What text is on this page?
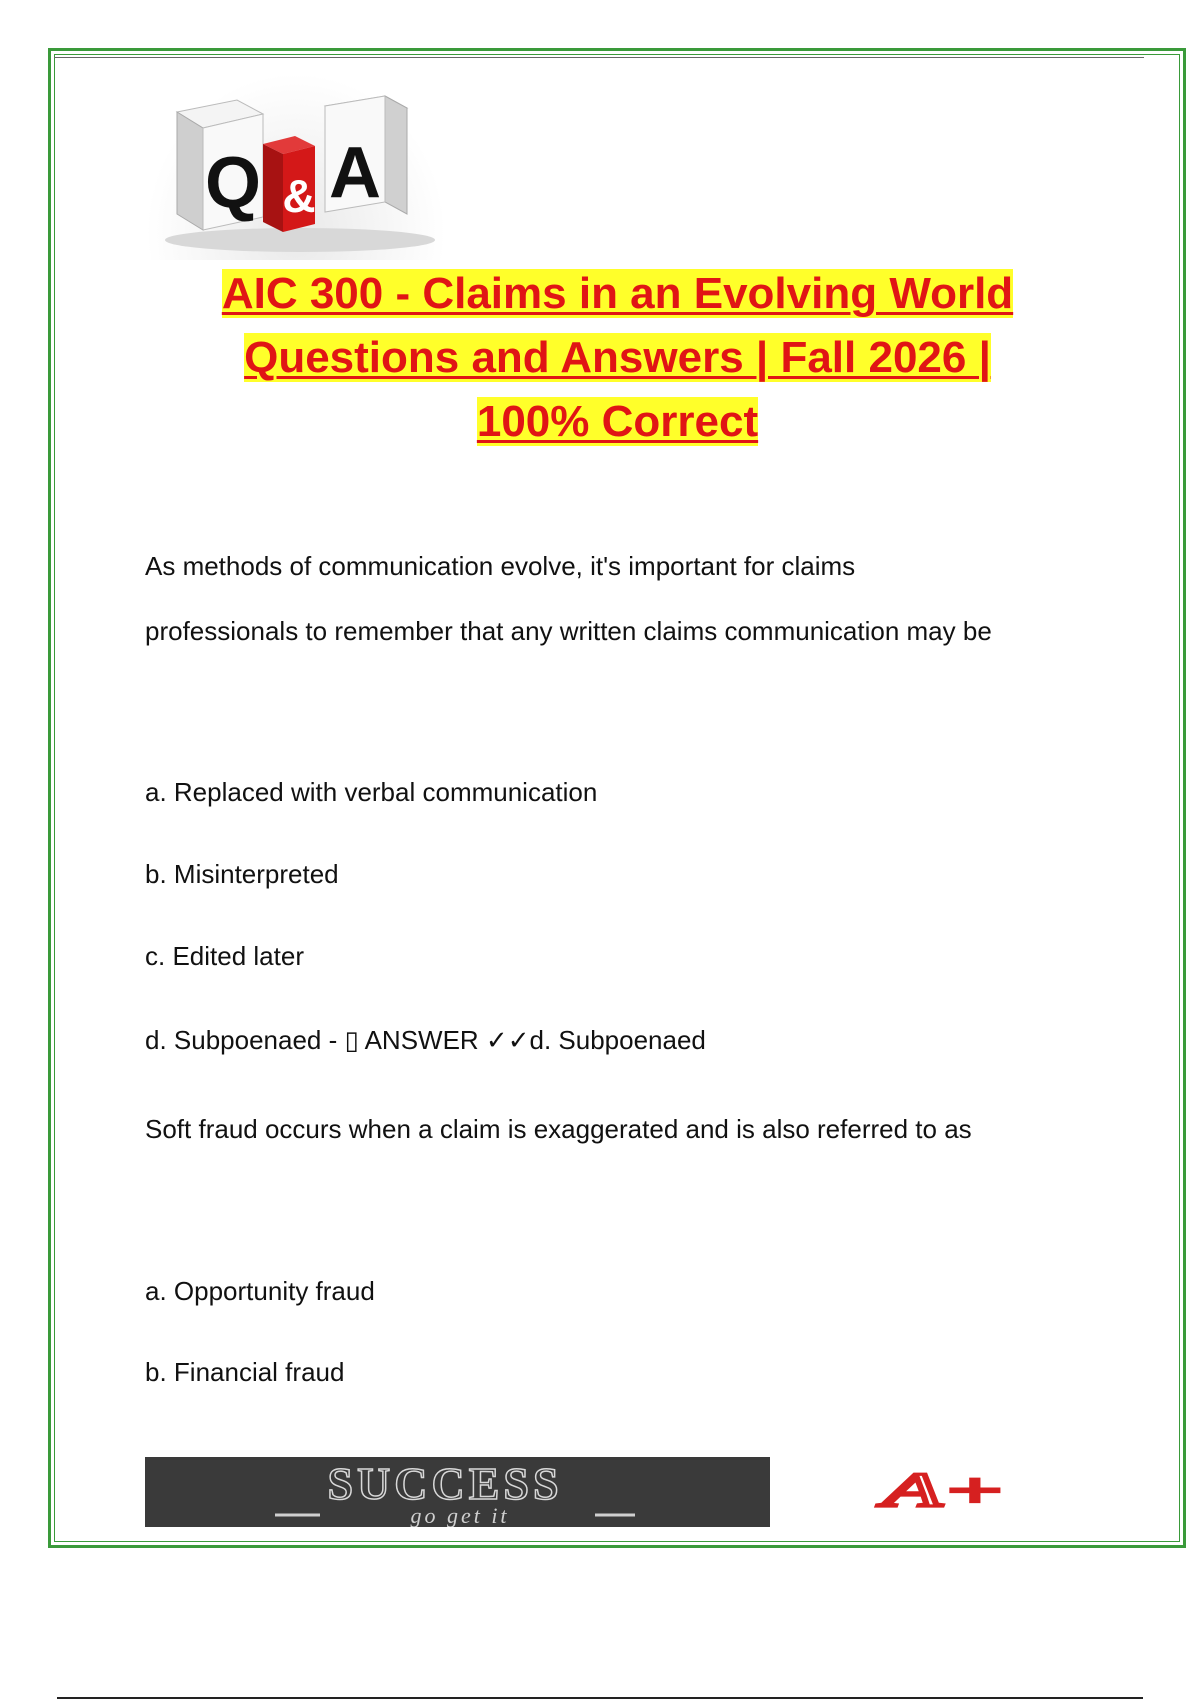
Q A
&
AIC 300 - Claims in an Evolving World
Questions and Answers | Fall 2026 |
100% Correct
As methods of communication evolve, it's important for claims
professionals to remember that any written claims communication may be
a. Replaced with verbal communication
b. Misinterpreted
c. Edited later
d. Subpoenaed - ▯ ANSWER ✓✓d. Subpoenaed
Soft fraud occurs when a claim is exaggerated and is also referred to as
a. Opportunity fraud
b. Financial fraud
SUCCESS
go get it	A+
